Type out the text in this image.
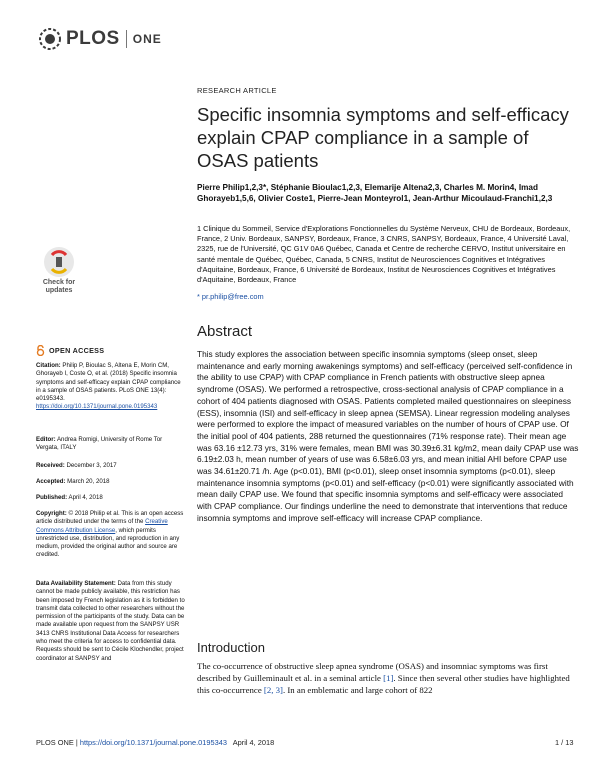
PLOS ONE
Check for updates
OPEN ACCESS
Citation: Philip P, Bioulac S, Altena E, Morin CM, Ghorayeb I, Coste O, et al. (2018) Specific insomnia symptoms and self-efficacy explain CPAP compliance in a sample of OSAS patients. PLoS ONE 13(4): e0195343. https://doi.org/10.1371/journal.pone.0195343
Editor: Andrea Romigi, University of Rome Tor Vergata, ITALY
Received: December 3, 2017
Accepted: March 20, 2018
Published: April 4, 2018
Copyright: © 2018 Philip et al. This is an open access article distributed under the terms of the Creative Commons Attribution License, which permits unrestricted use, distribution, and reproduction in any medium, provided the original author and source are credited.
Data Availability Statement: Data from this study cannot be made publicly available, this restriction has been imposed by French legislation as it is forbidden to transmit data collected to other researchers without the permission of the participants of the study. Data can be made available upon request from the SANPSY USR 3413 CNRS Institutional Data Access for researchers who meet the criteria for access to confidential data. Requests should be sent to Cécile Klochendler, project coordinator at SANPSY and
RESEARCH ARTICLE
Specific insomnia symptoms and self-efficacy explain CPAP compliance in a sample of OSAS patients
Pierre Philip1,2,3*, Stéphanie Bioulac1,2,3, Elemarije Altena2,3, Charles M. Morin4, Imad Ghorayeb1,5,6, Olivier Coste1, Pierre-Jean Monteyrol1, Jean-Arthur Micoulaud-Franchi1,2,3
1 Clinique du Sommeil, Service d'Explorations Fonctionnelles du Système Nerveux, CHU de Bordeaux, Bordeaux, France, 2 Univ. Bordeaux, SANPSY, Bordeaux, France, 3 CNRS, SANPSY, Bordeaux, France, 4 Université Laval, 2325, rue de l'Université, QC G1V 0A6 Québec, Canada et Centre de recherche CERVO, Institut universitaire en santé mentale de Québec, Québec, Canada, 5 CNRS, Institut de Neurosciences Cognitives et Intégratives d'Aquitaine, Bordeaux, France, 6 Université de Bordeaux, Institut de Neurosciences Cognitives et Intégratives d'Aquitaine, Bordeaux, France
* pr.philip@free.com
Abstract
This study explores the association between specific insomnia symptoms (sleep onset, sleep maintenance and early morning awakenings symptoms) and self-efficacy (perceived self-confidence in the ability to use CPAP) with CPAP compliance in French patients with obstructive sleep apnea syndrome (OSAS). We performed a retrospective, cross-sectional analysis of CPAP compliance in a cohort of 404 patients diagnosed with OSAS. Patients completed mailed questionnaires on sleepiness (ESS), insomnia (ISI) and self-efficacy in sleep apnea (SEMSA). Linear regression modeling analyses were performed to explore the impact of measured variables on the number of hours of CPAP use. Of the initial pool of 404 patients, 288 returned the questionnaires (71% response rate). Their mean age was 63.16 ±12.73 yrs, 31% were females, mean BMI was 30.39±6.31 kg/m2, mean daily CPAP use was 6.19±2.03 h, mean number of years of use was 6.58±6.03 yrs, and mean initial AHI before CPAP use was 34.61±20.71 /h. Age (p<0.01), BMI (p<0.01), sleep onset insomnia symptoms (p<0.01), sleep maintenance insomnia symptoms (p<0.01) and self-efficacy (p<0.01) were significantly associated with mean daily CPAP use. We found that specific insomnia symptoms and self-efficacy were associated with CPAP compliance. Our findings underline the need to demonstrate that interventions that reduce insomnia symptoms and improve self-efficacy will increase CPAP compliance.
Introduction
The co-occurrence of obstructive sleep apnea syndrome (OSAS) and insomniac symptoms was first described by Guilleminault et al. in a seminal article [1]. Since then several other studies have highlighted this co-occurrence [2, 3]. In an emblematic and large cohort of 822
PLOS ONE | https://doi.org/10.1371/journal.pone.0195343   April 4, 2018	1 / 13
